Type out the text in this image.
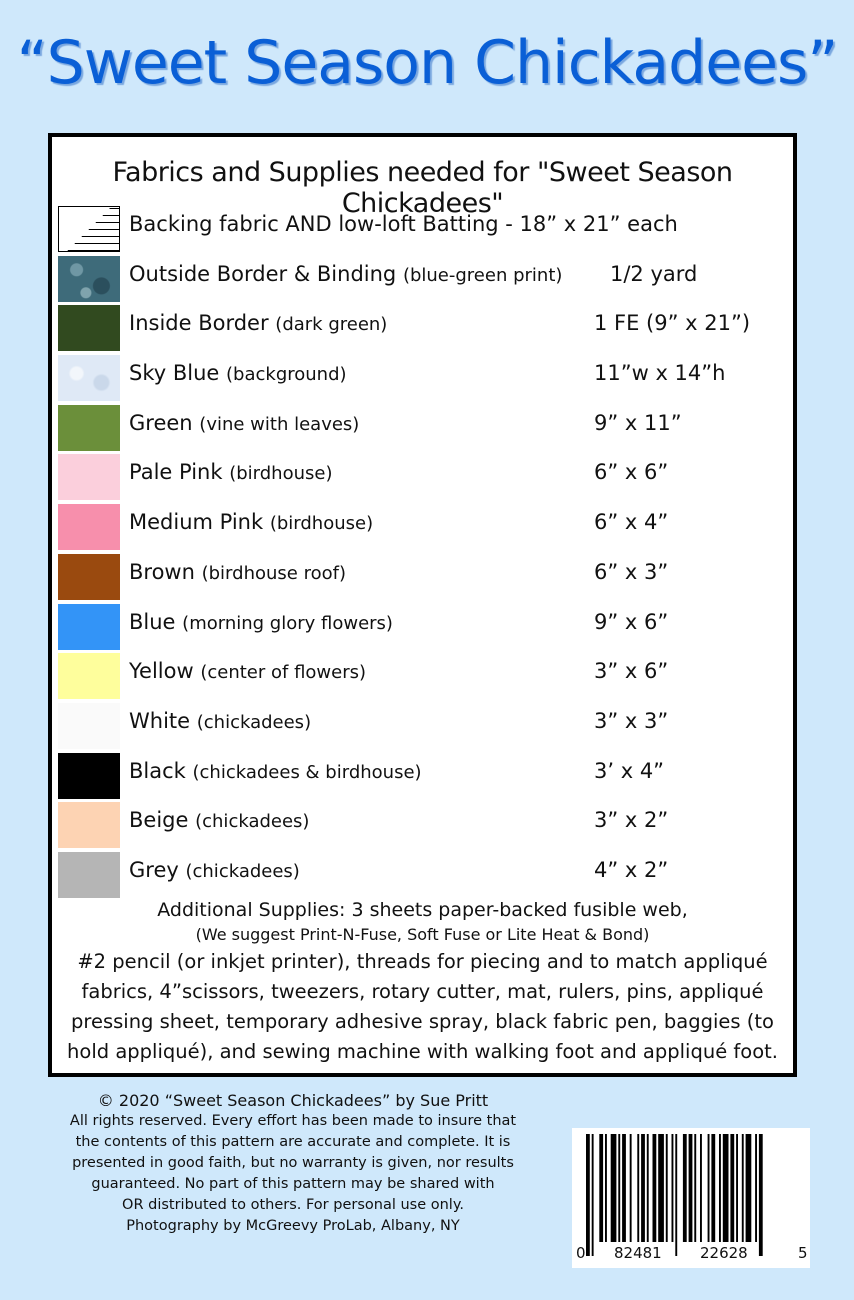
“Sweet Season Chickadees”
Fabrics and Supplies needed for "Sweet Season Chickadees"
Backing fabric AND low-loft Batting - 18” x 21” each
Outside Border & Binding (blue-green print) 1/2 yard
Inside Border (dark green)	1 FE (9” x 21”)
Sky Blue (background)	11”w x 14”h
Green (vine with leaves)	9” x 11”
Pale Pink (birdhouse)	6” x 6”
Medium Pink (birdhouse)	6” x 4”
Brown (birdhouse roof)	6” x 3”
Blue (morning glory flowers)	9” x 6”
Yellow (center of flowers)	3” x 6”
White (chickadees)	3” x 3”
Black (chickadees & birdhouse)	3’ x 4”
Beige (chickadees)	3” x 2”
Grey (chickadees)	4” x 2”
Additional Supplies: 3 sheets paper-backed fusible web,
(We suggest Print-N-Fuse, Soft Fuse or Lite Heat & Bond)
#2 pencil (or inkjet printer), threads for piecing and to match appliqué fabrics, 4”scissors, tweezers, rotary cutter, mat, rulers, pins, appliqué pressing sheet, temporary adhesive spray, black fabric pen, baggies (to hold appliqué), and sewing machine with walking foot and appliqué foot.
© 2020 “Sweet Season Chickadees” by Sue Pritt
All rights reserved. Every effort has been made to insure that
the contents of this pattern are accurate and complete. It is
presented in good faith, but no warranty is given, nor results
guaranteed. No part of this pattern may be shared with
OR distributed to others. For personal use only.
Photography by McGreevy ProLab, Albany, NY
0 82481	22628	5
